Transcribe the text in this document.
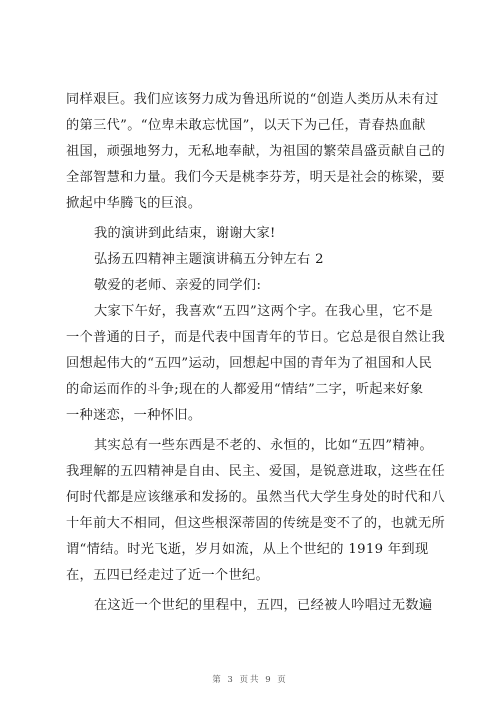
同样艰巨。我们应该努力成为鲁迅所说的“创造人类历从未有过
的第三代”。“位卑未敢忘忧国”，以天下为己任，青春热血献
祖国，顽强地努力，无私地奉献，为祖国的繁荣昌盛贡献自己的
全部智慧和力量。我们今天是桃李芬芳，明天是社会的栋梁，要
掀起中华腾飞的巨浪。
我的演讲到此结束，谢谢大家!
弘扬五四精神主题演讲稿五分钟左右 2
敬爱的老师、亲爱的同学们:
大家下午好，我喜欢“五四”这两个字。在我心里，它不是
一个普通的日子，而是代表中国青年的节日。它总是很自然让我
回想起伟大的“五四”运动，回想起中国的青年为了祖国和人民
的命运而作的斗争;现在的人都爱用“情结”二字，听起来好象
一种迷恋，一种怀旧。
其实总有一些东西是不老的、永恒的，比如“五四”精神。
我理解的五四精神是自由、民主、爱国，是锐意进取，这些在任
何时代都是应该继承和发扬的。虽然当代大学生身处的时代和八
十年前大不相同，但这些根深蒂固的传统是变不了的，也就无所
谓“情结。时光飞逝，岁月如流，从上个世纪的 1919 年到现
在，五四已经走过了近一个世纪。
在这近一个世纪的里程中，五四，已经被人吟唱过无数遍
第 3 页共 9 页
